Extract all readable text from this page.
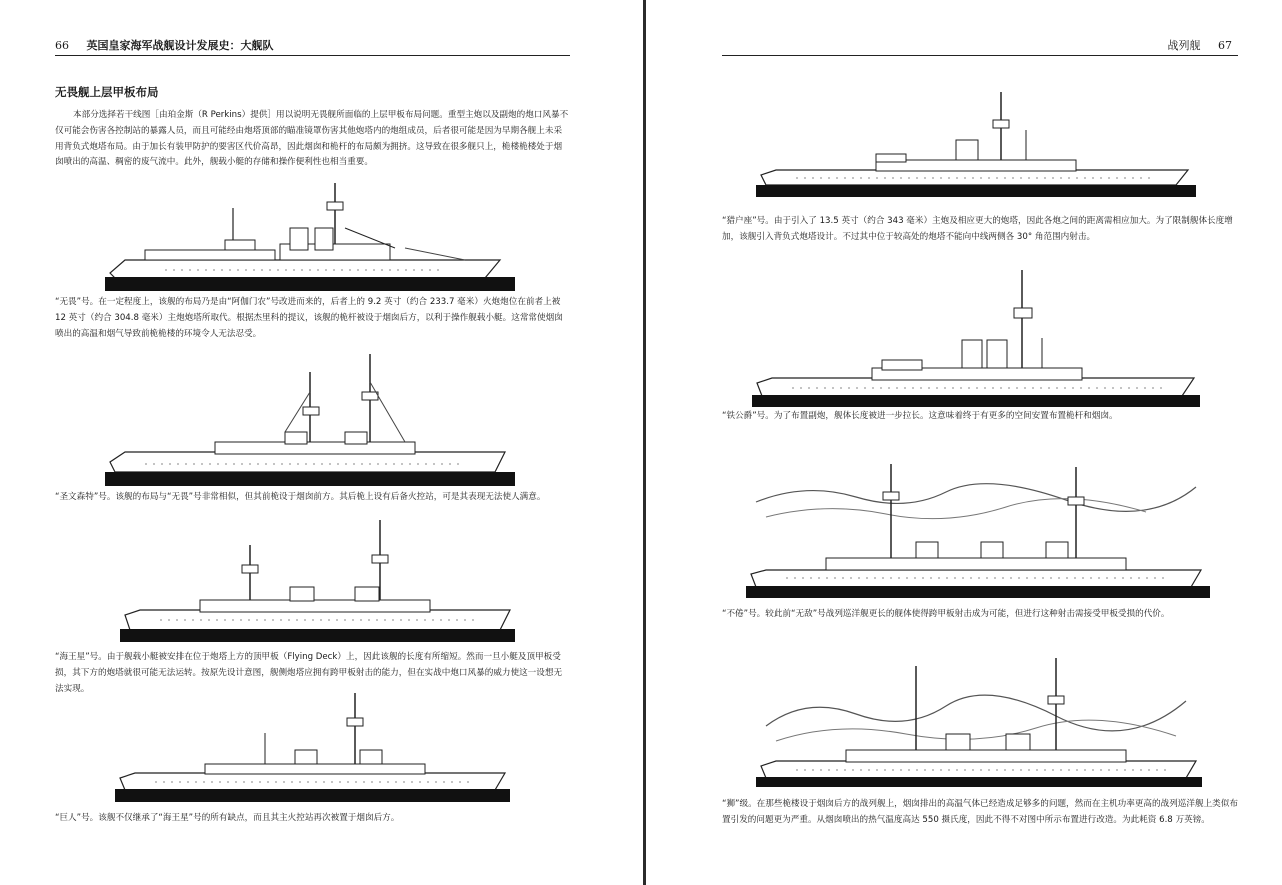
66 英国皇家海军战舰设计发展史：大舰队
无畏舰上层甲板布局

本部分选择若干线图［由珀金斯（R Perkins）提供］用以说明无畏舰所面临的上层甲板布局问题。重型主炮以及副炮的炮口风暴不仅可能会伤害各控制站的暴露人员，而且可能经由炮塔顶部的瞄准镜罩伤害其他炮塔内的炮组成员，后者很可能是因为早期各舰上未采用背负式炮塔布局。由于加长有装甲防护的要害区代价高昂，因此烟囱和桅杆的布局颇为拥挤。这导致在很多舰只上，桅楼桅楼处于烟囱喷出的高温、稠密的废气流中。此外，舰载小艇的存储和操作便利性也相当重要。

“无畏”号。在一定程度上，该舰的布局乃是由“阿伽门农”号改进而来的，后者上的 9.2 英寸（约合 233.7 毫米）火炮炮位在前者上被 12 英寸（约合 304.8 毫米）主炮炮塔所取代。根据杰里科的提议，该舰的桅杆被设于烟囱后方，以利于操作舰载小艇。这常常使烟囱喷出的高温和烟气导致前桅桅楼的环境令人无法忍受。

“圣文森特”号。该舰的布局与“无畏”号非常相似，但其前桅设于烟囱前方。其后桅上设有后备火控站，可是其表现无法使人满意。

“海王星”号。由于舰载小艇被安排在位于炮塔上方的顶甲板（Flying Deck）上，因此该舰的长度有所缩短。然而一旦小艇及顶甲板受损，其下方的炮塔就很可能无法运转。按原先设计意图，舰侧炮塔应拥有跨甲板射击的能力，但在实战中炮口风暴的威力使这一设想无法实现。

“巨人”号。该舰不仅继承了“海王星”号的所有缺点，而且其主火控站再次被置于烟囱后方。

战列舰 67

“猎户座”号。由于引入了 13.5 英寸（约合 343 毫米）主炮及相应更大的炮塔，因此各炮之间的距离需相应加大。为了限制舰体长度增加，该舰引入背负式炮塔设计。不过其中位于较高处的炮塔不能向中线两侧各 30° 角范围内射击。

“铁公爵”号。为了布置副炮，舰体长度被进一步拉长。这意味着终于有更多的空间安置布置桅杆和烟囱。

“不倦”号。较此前“无敌”号战列巡洋舰更长的舰体使得跨甲板射击成为可能，但进行这种射击需接受甲板受损的代价。

“狮”级。在那些桅楼设于烟囱后方的战列舰上，烟囱排出的高温气体已经造成足够多的问题，然而在主机功率更高的战列巡洋舰上类似布置引发的问题更为严重。从烟囱喷出的热气温度高达 550 摄氏度，因此不得不对图中所示布置进行改造。为此耗资 6.8 万英镑。
